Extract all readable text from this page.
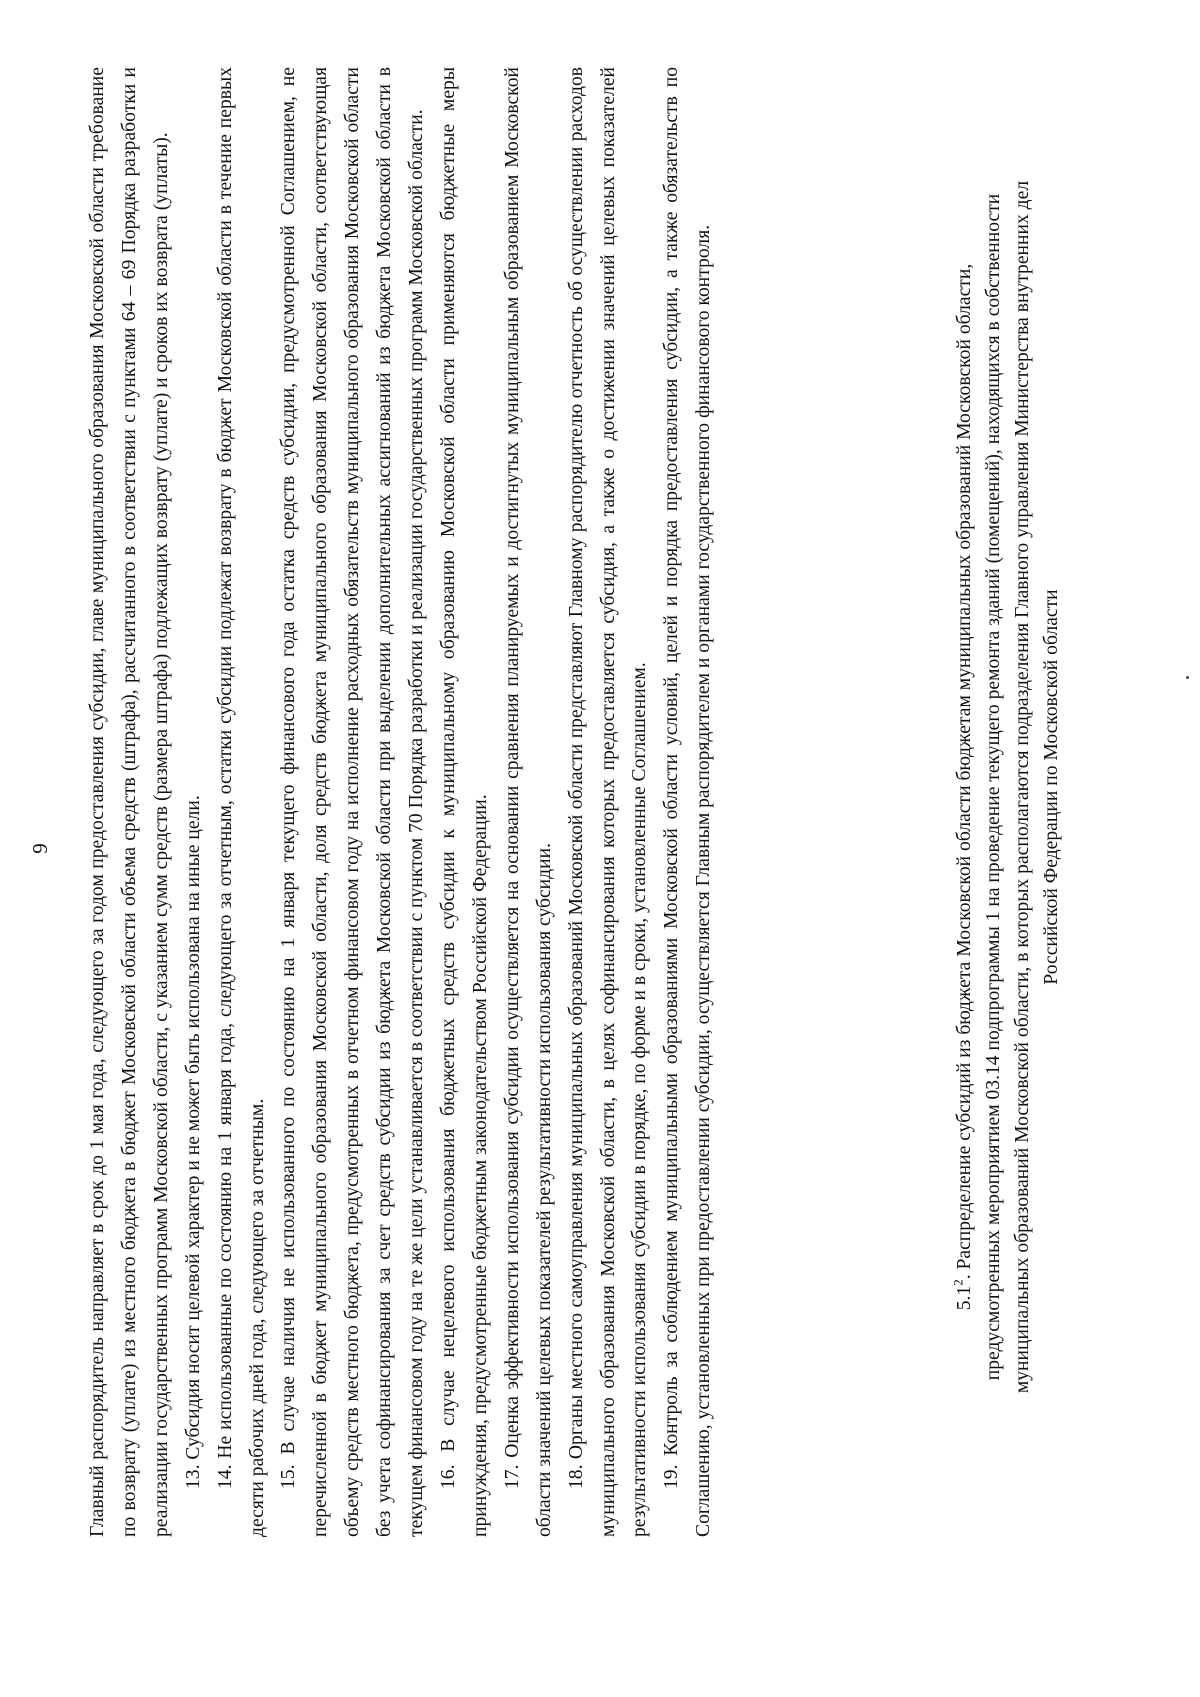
9 Главный распорядитель направляет в срок до 1 мая года, следующего за годом предоставления субсидии, главе муниципального образования Московской области требование по возврату (уплате) из местного бюджета в бюджет Московской области объема средств (штрафа), рассчитанного в соответствии с пунктами 64 – 69 Порядка разработки и реализации государственных программ Московской области, с указанием сумм средств (размера штрафа) подлежащих возврату (уплате) и сроков их возврата (уплаты). 13. Субсидия носит целевой характер и не может быть использована на иные цели. 14. Не использованные по состоянию на 1 января года, следующего за отчетным, остатки субсидии подлежат возврату в бюджет Московской области в течение первых десяти рабочих дней года, следующего за отчетным. 15. В случае наличия не использованного по состоянию на 1 января текущего финансового года остатка средств субсидии, предусмотренной Соглашением, не перечисленной в бюджет муниципального образования Московской области, доля средств бюджета муниципального образования Московской области, соответствующая объему средств местного бюджета, предусмотренных в отчетном финансовом году на исполнение расходных обязательств муниципального образования Московской области без учета софинансирования за счет средств субсидии из бюджета Московской области при выделении дополнительных ассигнований из бюджета Московской области в текущем финансовом году на те же цели устанавливается в соответствии с пунктом 70 Порядка разработки и реализации государственных программ Московской области. 16. В случае нецелевого использования бюджетных средств субсидии к муниципальному образованию Московской области применяются бюджетные меры принуждения, предусмотренные бюджетным законодательством Российской Федерации. 17. Оценка эффективности использования субсидии осуществляется на основании сравнения планируемых и достигнутых муниципальным образованием Московской области значений целевых показателей результативности использования субсидии. 18. Органы местного самоуправления муниципальных образований Московской области представляют Главному распорядителю отчетность об осуществлении расходов муниципального образования Московской области, в целях софинансирования которых предоставляется субсидия, а также о достижении значений целевых показателей результативности использования субсидии в порядке, по форме и в сроки, установленные Соглашением. 19. Контроль за соблюдением муниципальными образованиями Московской области условий, целей и порядка предоставления субсидии, а также обязательств по Соглашению, установленных при предоставлении субсидии, осуществляется Главным распорядителем и органами государственного финансового контроля.	$5.1^2$. Распределение субсидий из бюджета Московской области бюджетам муниципальных образований Московской области, предусмотренных мероприятием 03.14 подпрограммы 1 на проведение текущего ремонта зданий (помещений), находящихся в собственности муниципальных образований Московской области, в которых располагаются подразделения Главного управления Министерства внутренних дел Российской Федерации по Московской области
